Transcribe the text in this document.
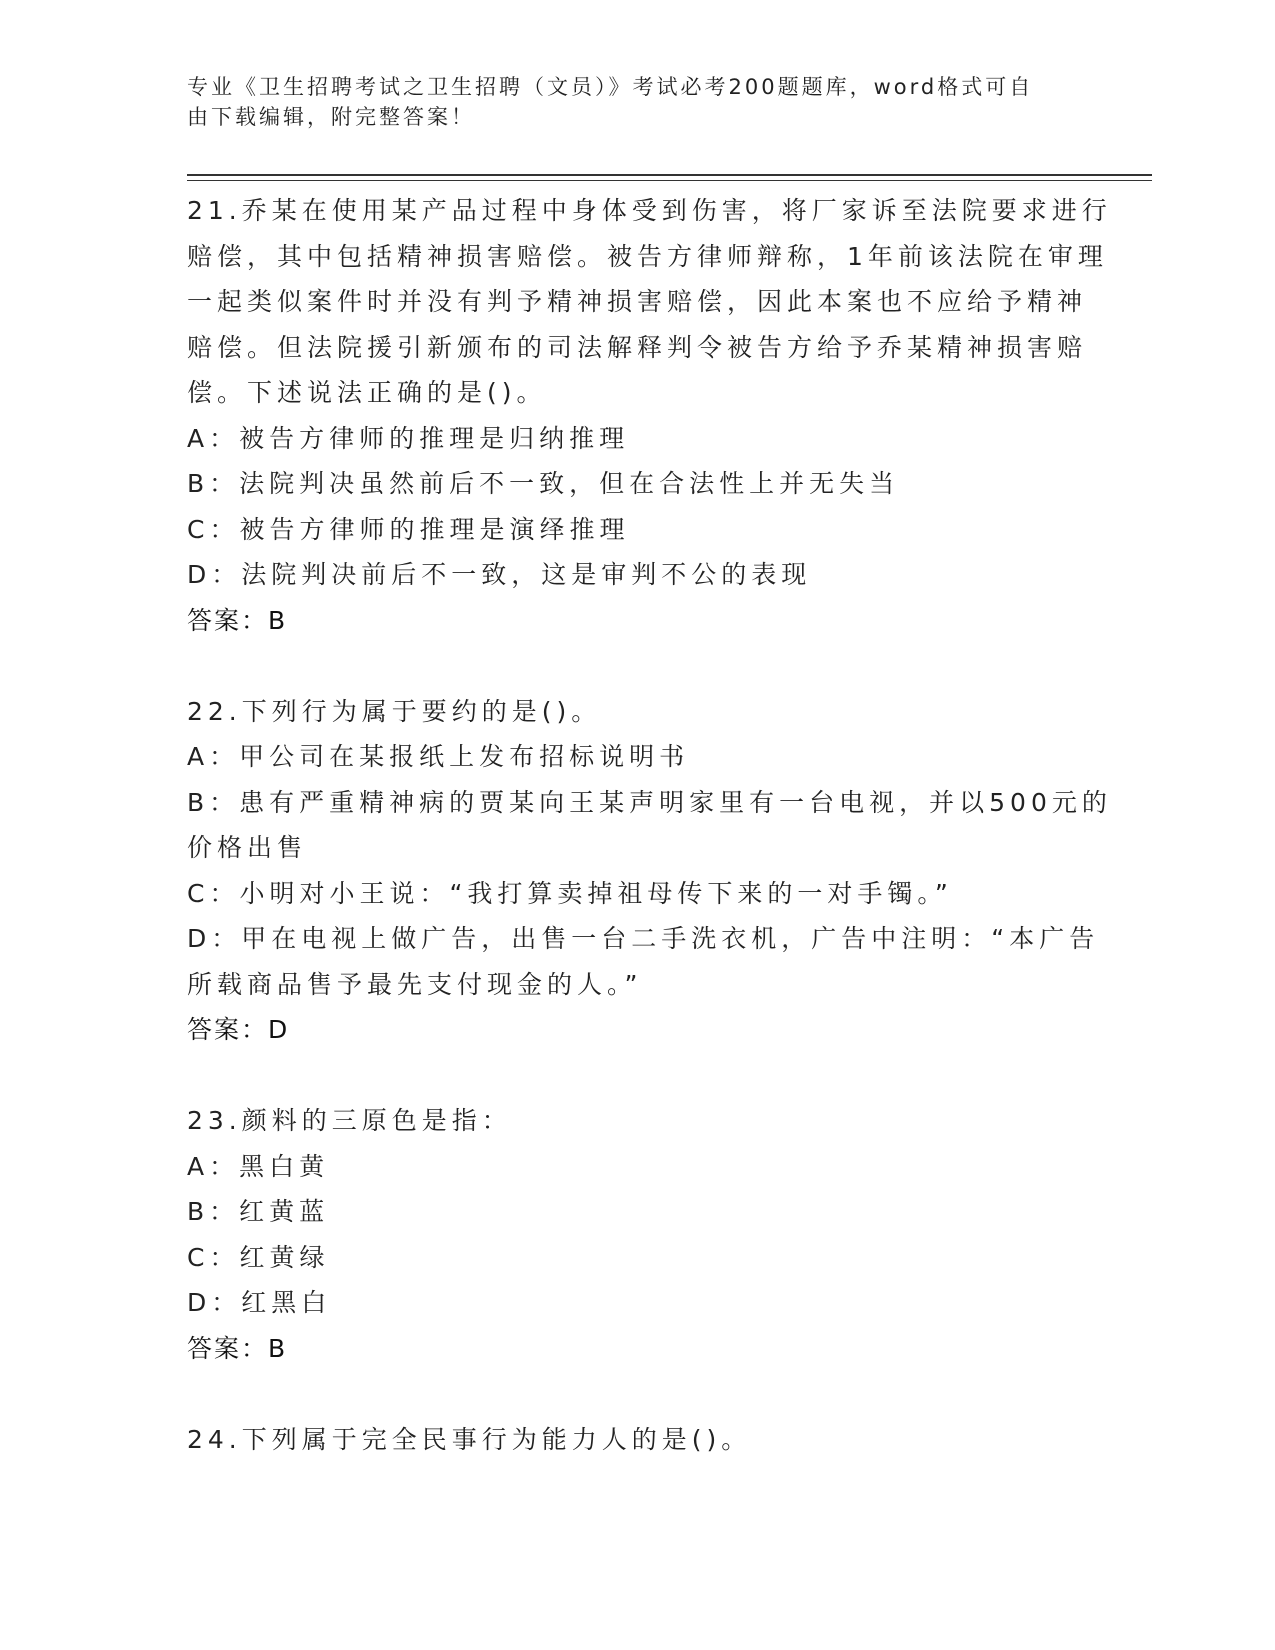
专业《卫生招聘考试之卫生招聘（文员）》考试必考200题题库，word格式可自
由下载编辑，附完整答案！
21.乔某在使用某产品过程中身体受到伤害，将厂家诉至法院要求进行
赔偿，其中包括精神损害赔偿。被告方律师辩称，1年前该法院在审理
一起类似案件时并没有判予精神损害赔偿，因此本案也不应给予精神
赔偿。但法院援引新颁布的司法解释判令被告方给予乔某精神损害赔
偿。下述说法正确的是()。
A：被告方律师的推理是归纳推理
B：法院判决虽然前后不一致，但在合法性上并无失当
C：被告方律师的推理是演绎推理
D：法院判决前后不一致，这是审判不公的表现
答案：B
22.下列行为属于要约的是()。
A：甲公司在某报纸上发布招标说明书
B：患有严重精神病的贾某向王某声明家里有一台电视，并以500元的
价格出售
C：小明对小王说：“我打算卖掉祖母传下来的一对手镯。”
D：甲在电视上做广告，出售一台二手洗衣机，广告中注明：“本广告
所载商品售予最先支付现金的人。”
答案：D
23.颜料的三原色是指：
A：黑白黄
B：红黄蓝
C：红黄绿
D：红黑白
答案：B
24.下列属于完全民事行为能力人的是()。
